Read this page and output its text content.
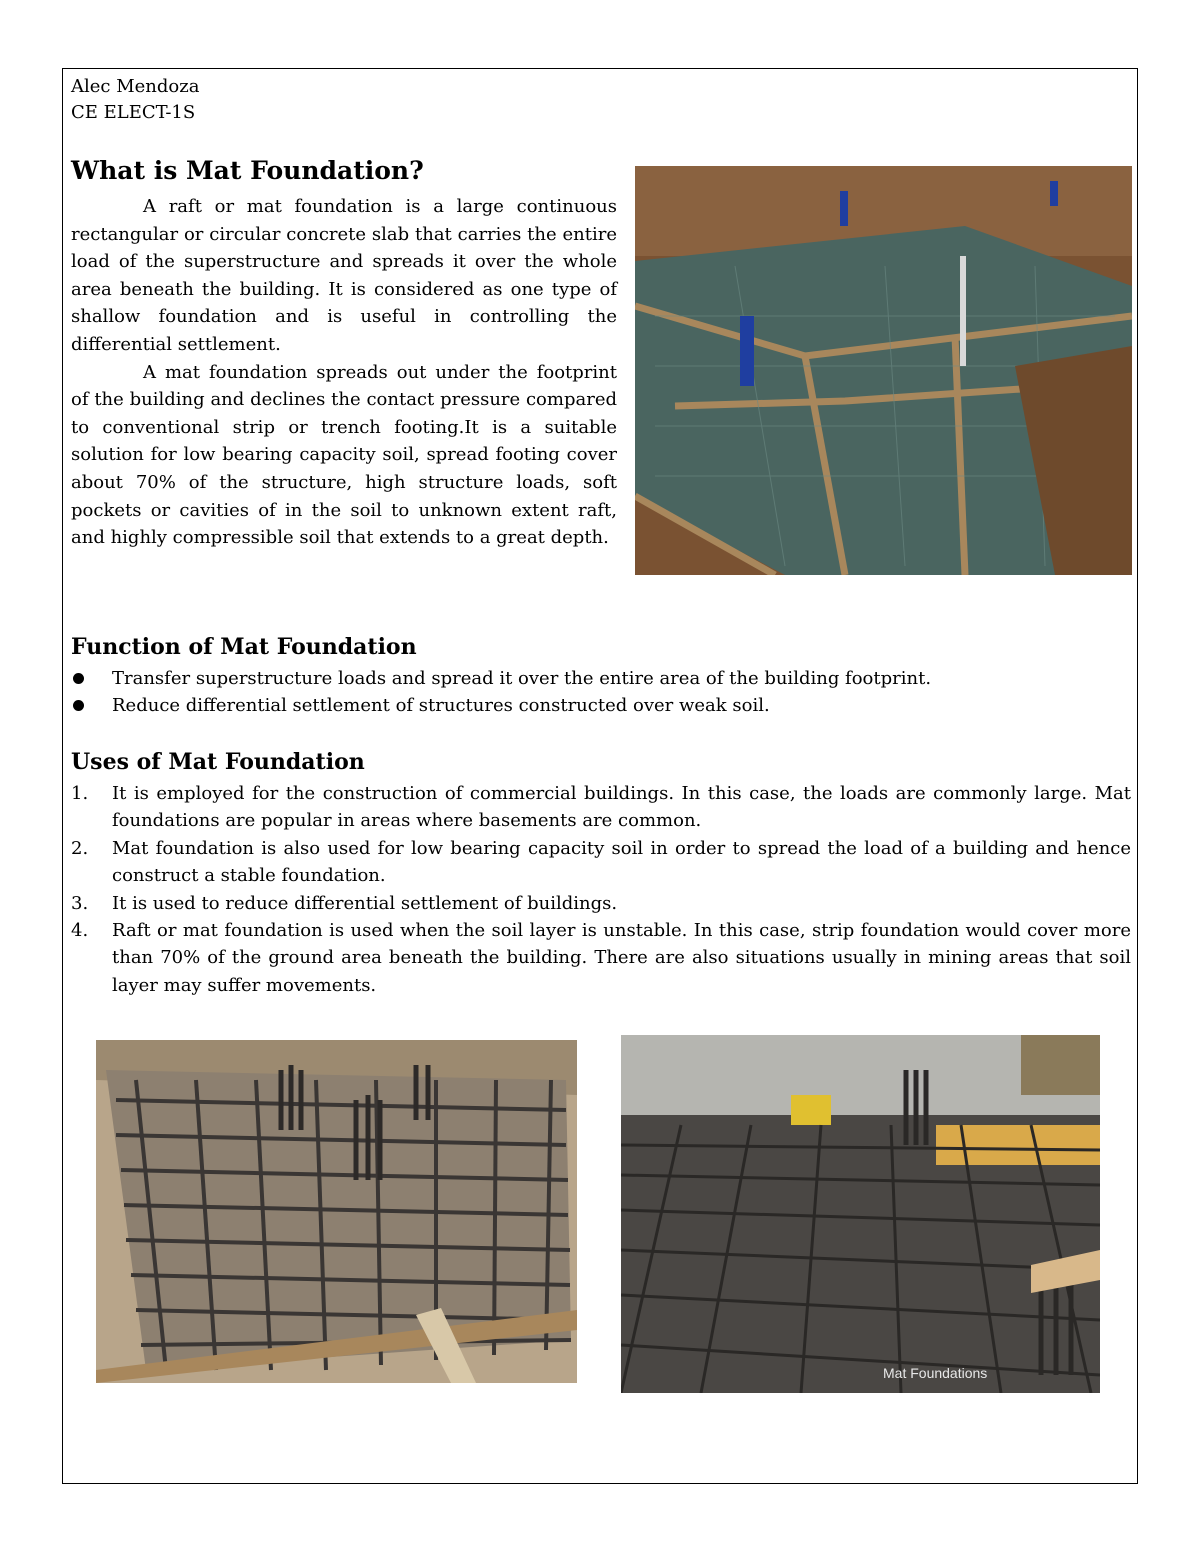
Alec Mendoza
CE ELECT-1S
What is Mat Foundation?

A raft or mat foundation is a large continuous rectangular or circular concrete slab that carries the entire load of the superstructure and spreads it over the whole area beneath the building. It is considered as one type of shallow foundation and is useful in controlling the differential settlement.

A mat foundation spreads out under the footprint of the building and declines the contact pressure compared to conventional strip or trench footing.It is a suitable solution for low bearing capacity soil, spread footing cover about 70% of the structure, high structure loads, soft pockets or cavities of in the soil to unknown extent raft, and highly compressible soil that extends to a great depth.

Function of Mat Foundation
Transfer superstructure loads and spread it over the entire area of the building footprint.
Reduce differential settlement of structures constructed over weak soil.
Uses of Mat Foundation
1. It is employed for the construction of commercial buildings. In this case, the loads are commonly large. Mat foundations are popular in areas where basements are common.
2. Mat foundation is also used for low bearing capacity soil in order to spread the load of a building and hence construct a stable foundation.
3. It is used to reduce differential settlement of buildings.
4. Raft or mat foundation is used when the soil layer is unstable. In this case, strip foundation would cover more than 70% of the ground area beneath the building. There are also situations usually in mining areas that soil layer may suffer movements.
Mat Foundations
